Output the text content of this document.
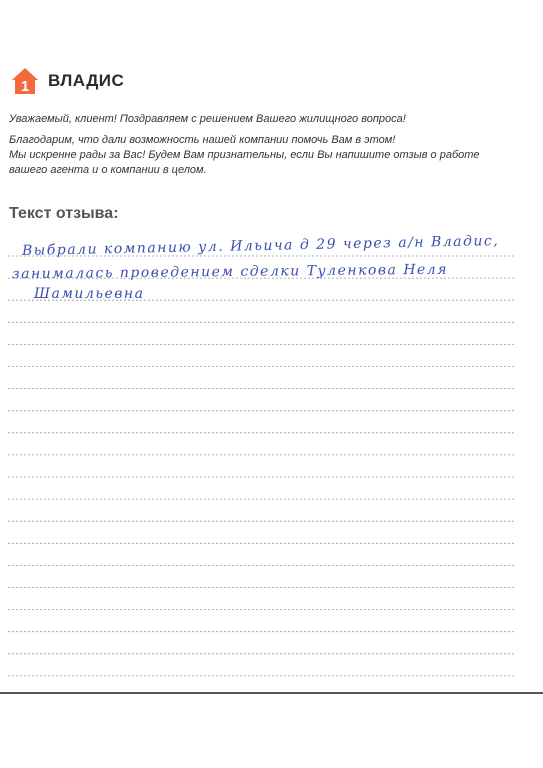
1 ВЛАДИС
Уважаемый, клиент! Поздравляем с решением Вашего жилищного вопроса!
Благодарим, что дали возможность нашей компании помочь Вам в этом!
Мы искренне рады за Вас! Будем Вам признательны, если Вы напишите отзыв о работе
вашего агента и о компании в целом.
Текст отзыва:
Выбрали компанию ул. Ильича д 29 через а/н Владис,
занималась проведением сделки Туленкова Неля
Шамильевна
